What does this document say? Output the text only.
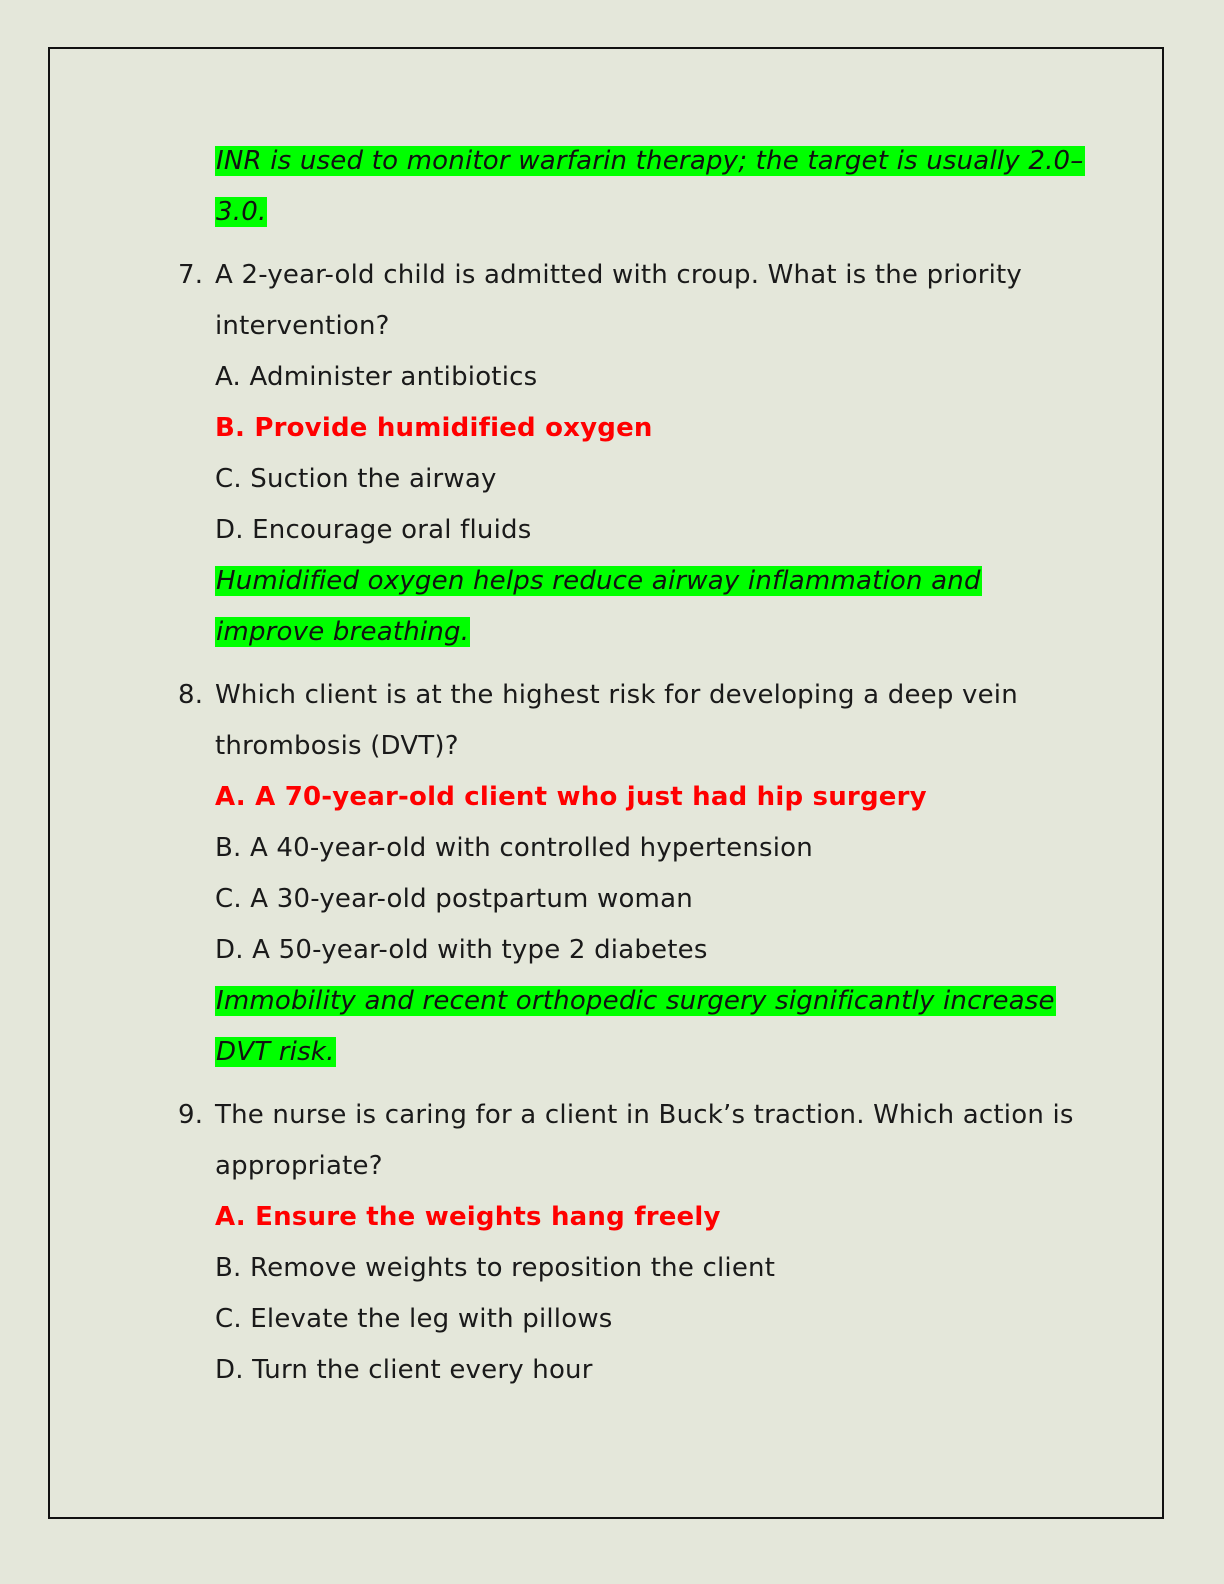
INR is used to monitor warfarin therapy; the target is usually 2.0–
3.0.
7. A 2-year-old child is admitted with croup. What is the priority
intervention?
A. Administer antibiotics
B. Provide humidified oxygen
C. Suction the airway
D. Encourage oral fluids
Humidified oxygen helps reduce airway inflammation and
improve breathing.
8. Which client is at the highest risk for developing a deep vein
thrombosis (DVT)?
A. A 70-year-old client who just had hip surgery
B. A 40-year-old with controlled hypertension
C. A 30-year-old postpartum woman
D. A 50-year-old with type 2 diabetes
Immobility and recent orthopedic surgery significantly increase
DVT risk.
9. The nurse is caring for a client in Buck’s traction. Which action is
appropriate?
A. Ensure the weights hang freely
B. Remove weights to reposition the client
C. Elevate the leg with pillows
D. Turn the client every hour
